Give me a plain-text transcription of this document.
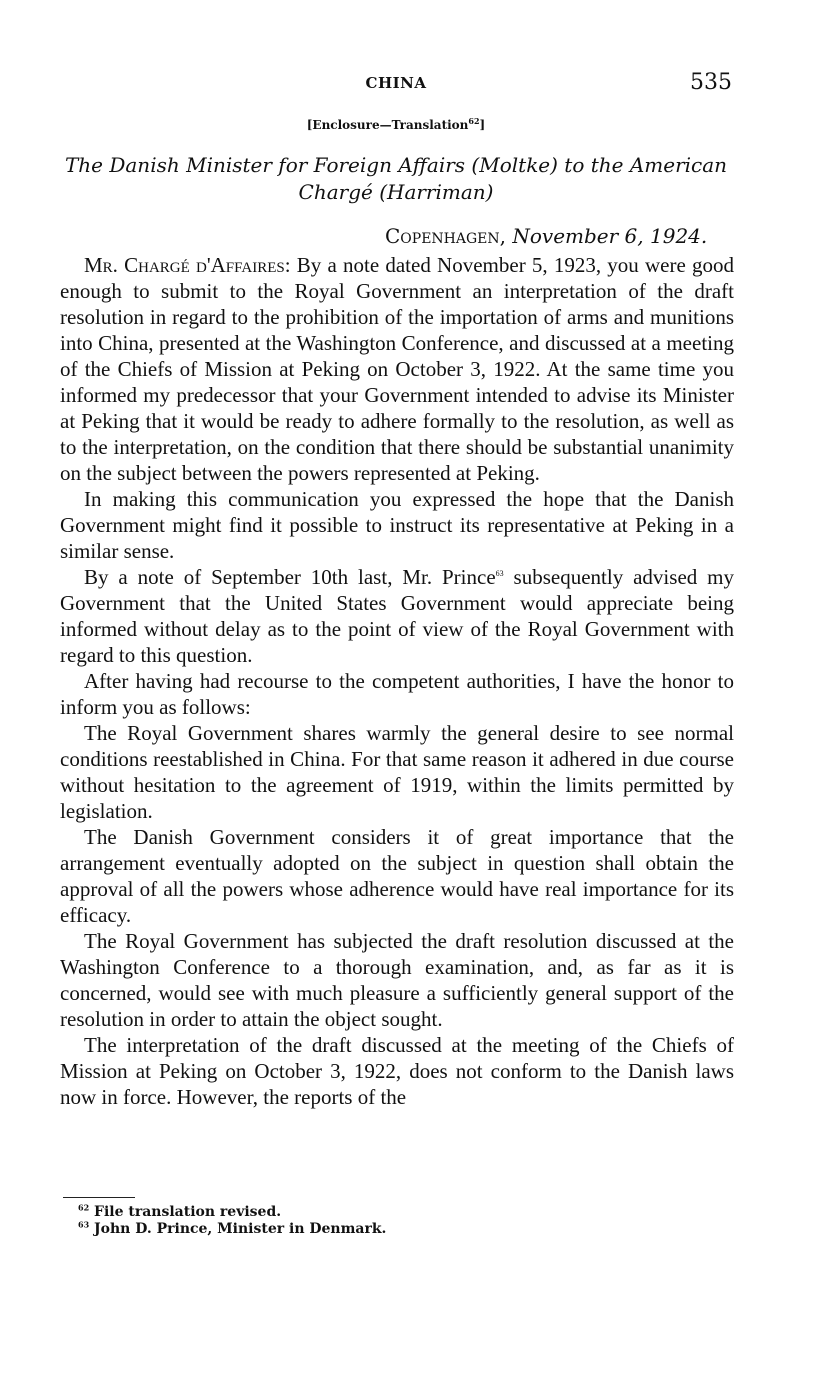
CHINA	535
[Enclosure—Translation$^{62}$]
The Danish Minister for Foreign Affairs (Moltke) to the American
Chargé (Harriman)
Copenhagen, November 6, 1924.

Mr. Chargé d'Affaires: By a note dated November 5, 1923, you were good enough to submit to the Royal Government an interpretation of the draft resolution in regard to the prohibition of the importation of arms and munitions into China, presented at the Washington Conference, and discussed at a meeting of the Chiefs of Mission at Peking on October 3, 1922. At the same time you informed my predecessor that your Government intended to advise its Minister at Peking that it would be ready to adhere formally to the resolution, as well as to the interpretation, on the condition that there should be substantial unanimity on the subject between the powers represented at Peking.

In making this communication you expressed the hope that the Danish Government might find it possible to instruct its representative at Peking in a similar sense.

By a note of September 10th last, Mr. Prince$^{63}$ subsequently advised my Government that the United States Government would appreciate being informed without delay as to the point of view of the Royal Government with regard to this question.

After having had recourse to the competent authorities, I have the honor to inform you as follows:

The Royal Government shares warmly the general desire to see normal conditions reestablished in China. For that same reason it adhered in due course without hesitation to the agreement of 1919, within the limits permitted by legislation.

The Danish Government considers it of great importance that the arrangement eventually adopted on the subject in question shall obtain the approval of all the powers whose adherence would have real importance for its efficacy.

The Royal Government has subjected the draft resolution discussed at the Washington Conference to a thorough examination, and, as far as it is concerned, would see with much pleasure a sufficiently general support of the resolution in order to attain the object sought.

The interpretation of the draft discussed at the meeting of the Chiefs of Mission at Peking on October 3, 1922, does not conform to the Danish laws now in force. However, the reports of the

$^{62}$ File translation revised.
$^{63}$ John D. Prince, Minister in Denmark.
